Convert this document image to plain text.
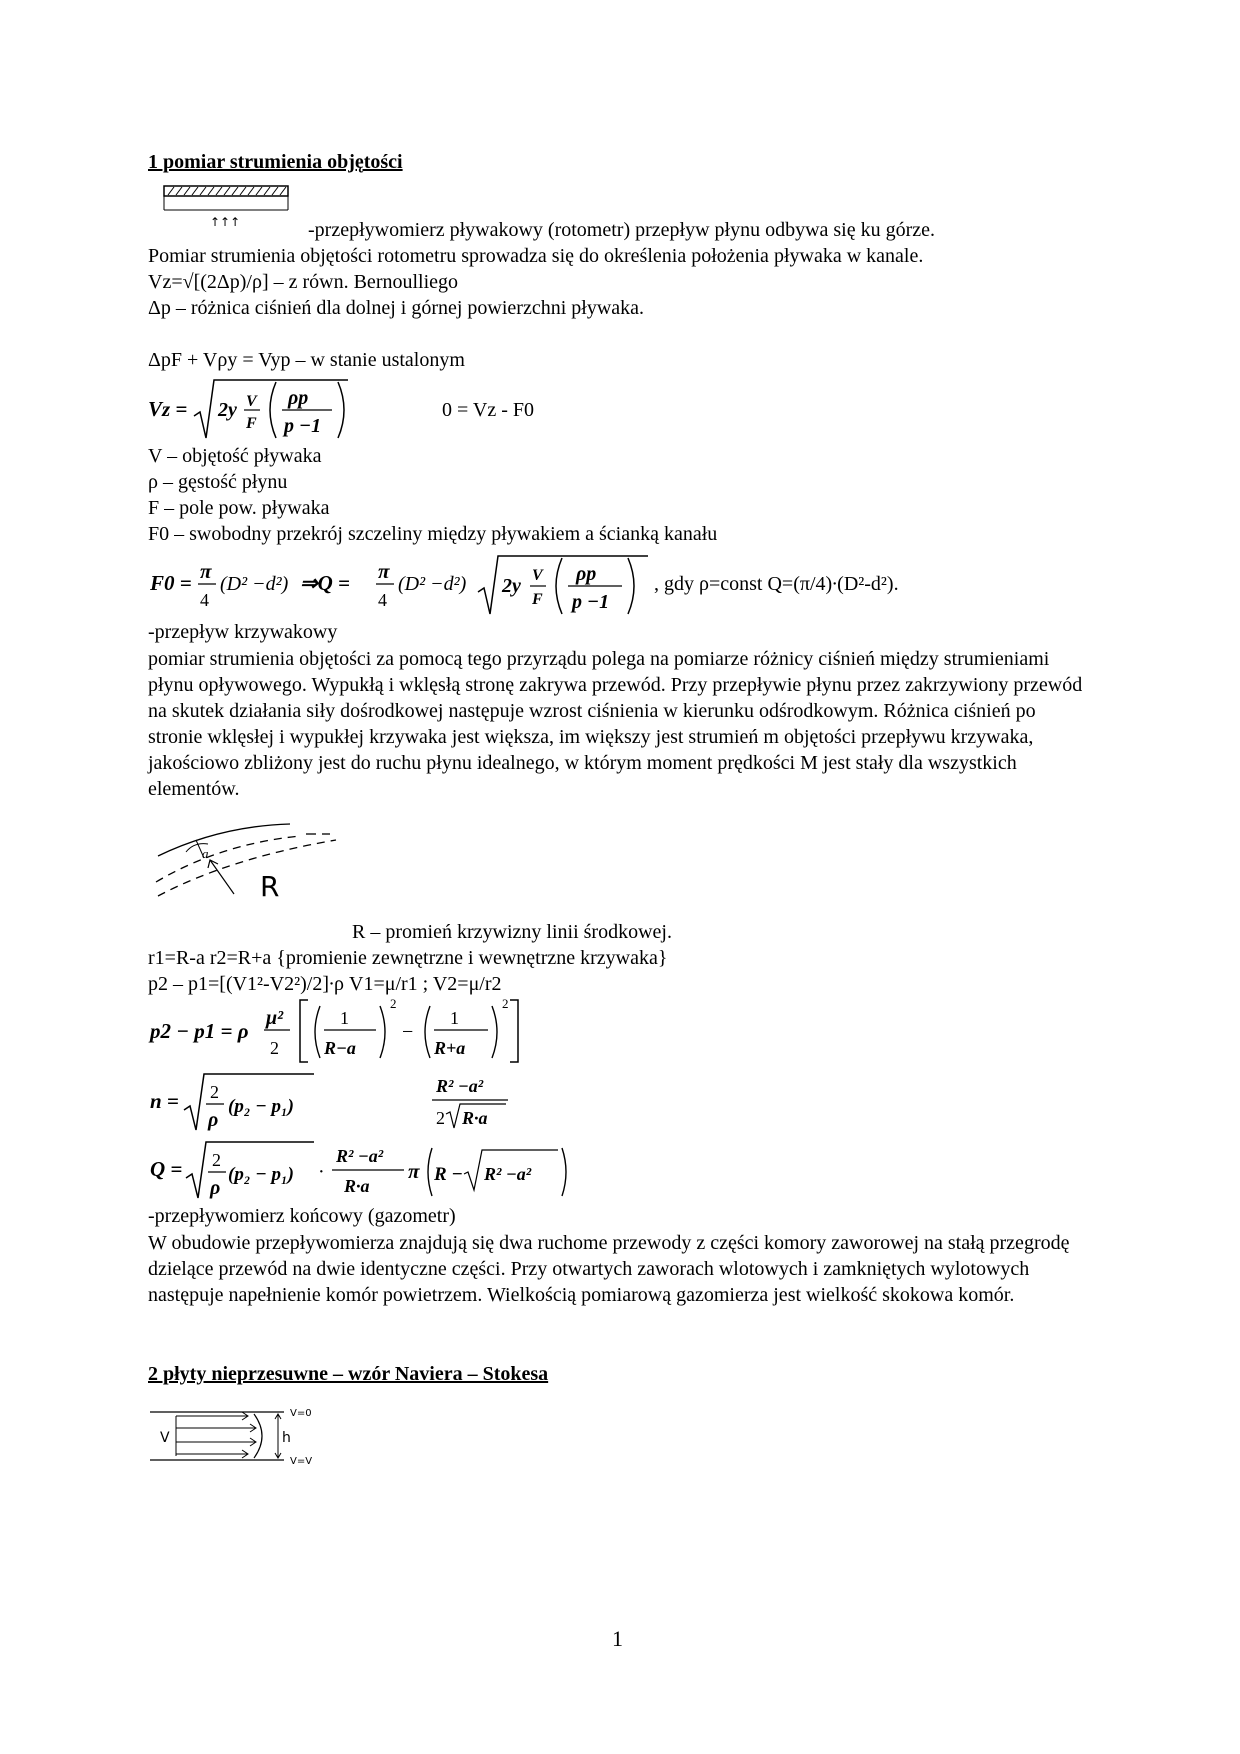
1 pomiar strumienia objętości
↑↑↑	-przepływomierz pływakowy (rotometr) przepływ płynu odbywa się ku górze.
Pomiar strumienia objętości rotometru sprowadza się do określenia położenia pływaka w kanale.
Vz=√[(2Δp)/ρ] – z równ. Bernoulliego
Δp – różnica ciśnień dla dolnej i górnej powierzchni pływaka.
ΔpF + Vρy = Vyp – w stanie ustalonym
Vz = 2y V
F
ρp
p −1
0 = Vz - F0
V – objętość pływaka
ρ – gęstość płynu
F – pole pow. pływaka
F0 – swobodny przekrój szczeliny między pływakiem a ścianką kanału
F0 = π
4
(D² −d²) ⇒Q = π
4
(D² −d²) 2y V
F
ρp
p −1
, gdy ρ=const Q=(π/4)∙(D²-d²).
-przepływ krzywakowy

pomiar strumienia objętości za pomocą tego przyrządu polega na pomiarze różnicy ciśnień między strumieniami płynu opływowego. Wypukłą i wklęsłą stronę zakrywa przewód. Przy przepływie płynu przez zakrzywiony przewód na skutek działania siły dośrodkowej następuje wzrost ciśnienia w kierunku odśrodkowym. Różnica ciśnień po stronie wklęsłej i wypukłej krzywaka jest większa, im większy jest strumień m objętości przepływu krzywaka, jakościowo zbliżony jest do ruchu płynu idealnego, w którym moment prędkości M jest stały dla wszystkich elementów.

a
R
R – promień krzywizny linii środkowej.
r1=R-a r2=R+a {promienie zewnętrzne i wewnętrzne krzywaka}
p2 – p1=[(V1²-V2²)/2]∙ρ V1=μ/r1 ; V2=μ/r2
p2 − p1 = ρ
μ²
2
1
R−a
2
−
1
R+a
2
n = 2
ρ
(p₂ − p₁)
R² −a²
2 R·a
Q = 2
ρ
(p₂ − p₁) ·
R² −a²
R·a
π R − R² −a²
-przepływomierz końcowy (gazometr)

W obudowie przepływomierza znajdują się dwa ruchome przewody z części komory zaworowej na stałą przegrodę dzielące przewód na dwie identyczne części. Przy otwartych zaworach wlotowych i zamkniętych wylotowych następuje napełnienie komór powietrzem. Wielkością pomiarową gazomierza jest wielkość skokowa komór.

2 płyty nieprzesuwne – wzór Naviera – Stokesa
V	h
V=0
V=V
1
